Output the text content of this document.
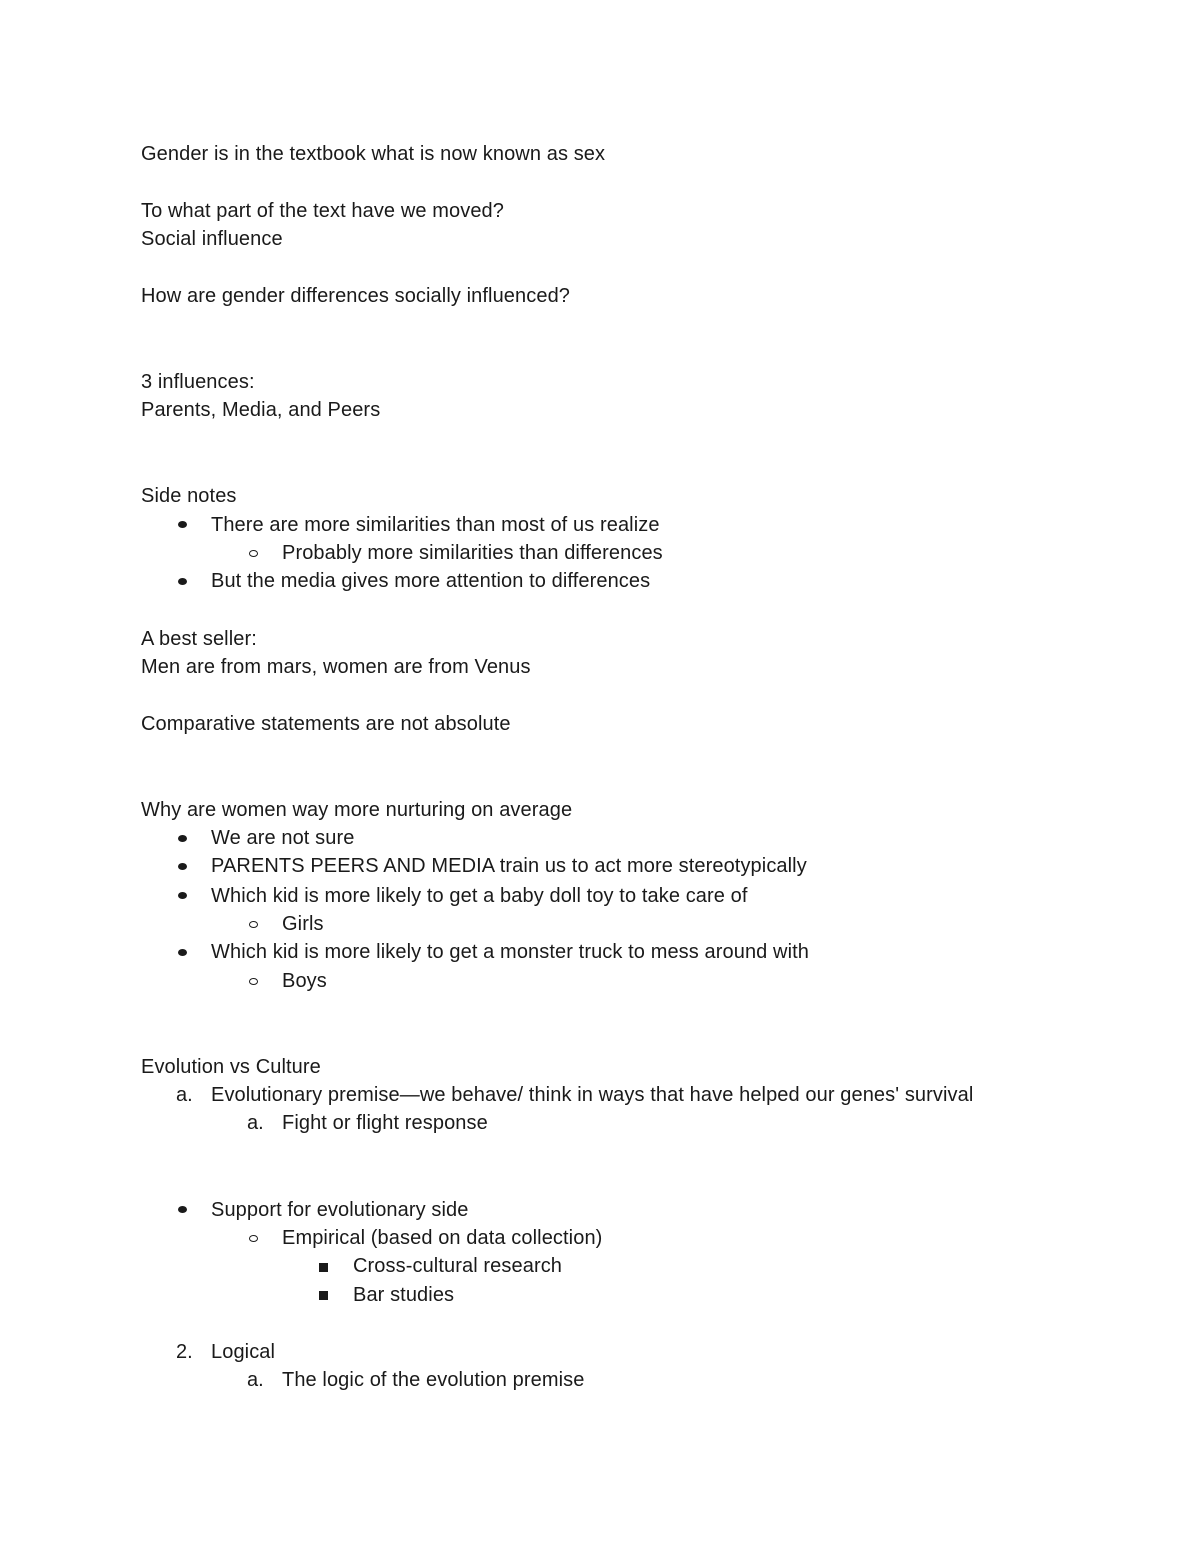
Gender is in the textbook what is now known as sex
To what part of the text have we moved?
Social influence
How are gender differences socially influenced?
3 influences:
Parents, Media, and Peers
Side notes
There are more similarities than most of us realize
Probably more similarities than differences
But the media gives more attention to differences
A best seller:
Men are from mars, women are from Venus
Comparative statements are not absolute
Why are women way more nurturing on average
We are not sure
PARENTS PEERS AND MEDIA train us to act more stereotypically
Which kid is more likely to get a baby doll toy to take care of
Girls
Which kid is more likely to get a monster truck to mess around with
Boys
Evolution vs Culture
a. Evolutionary premise—we behave/ think in ways that have helped our genes' survival
a. Fight or flight response
Support for evolutionary side
Empirical (based on data collection)
Cross-cultural research
Bar studies
2. Logical
a. The logic of the evolution premise
